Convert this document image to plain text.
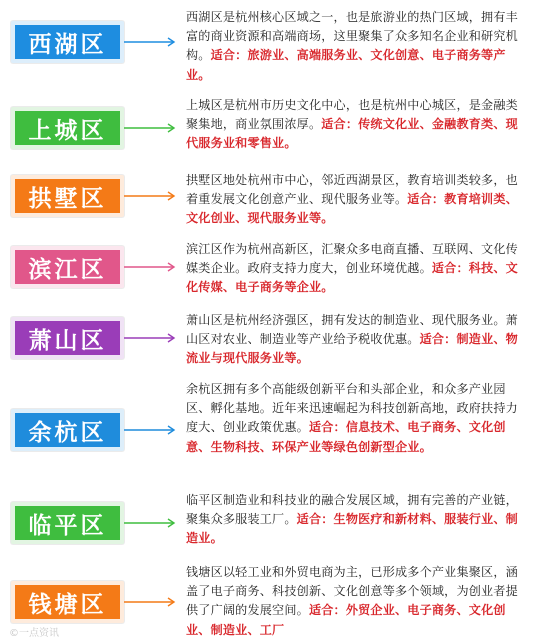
西湖区

西湖区是杭州核心区域之一，也是旅游业的热门区域，拥有丰富的商业资源和高端商场，这里聚集了众多知名企业和研究机构。适合：旅游业、高端服务业、文化创意、电子商务等产业。

上城区

上城区是杭州市历史文化中心，也是杭州中心城区，是金融类聚集地，商业氛围浓厚。适合：传统文化业、金融教育类、现代服务业和零售业。

拱墅区

拱墅区地处杭州市中心，邻近西湖景区，教育培训类较多，也着重发展文化创意产业、现代服务业等。适合：教育培训类、文化创业、现代服务业等。

滨江区

滨江区作为杭州高新区，汇聚众多电商直播、互联网、文化传媒类企业。政府支持力度大，创业环境优越。适合：科技、文化传媒、电子商务等企业。

萧山区

萧山区是杭州经济强区，拥有发达的制造业、现代服务业。萧山区对农业、制造业等产业给予税收优惠。适合：制造业、物流业与现代服务业等。

余杭区

余杭区拥有多个高能级创新平台和头部企业，和众多产业园区、孵化基地。近年来迅速崛起为科技创新高地，政府扶持力度大、创业政策优惠。适合：信息技术、电子商务、文化创意、生物科技、环保产业等绿色创新型企业。

临平区

临平区制造业和科技业的融合发展区域，拥有完善的产业链，聚集众多服装工厂。适合：生物医疗和新材料、服装行业、制造业。

钱塘区

钱塘区以轻工业和外贸电商为主，已形成多个产业集聚区，涵盖了电子商务、科技创新、文化创意等多个领域，为创业者提供了广阔的发展空间。适合：外贸企业、电子商务、文化创业、制造业、工厂

©一点资讯
